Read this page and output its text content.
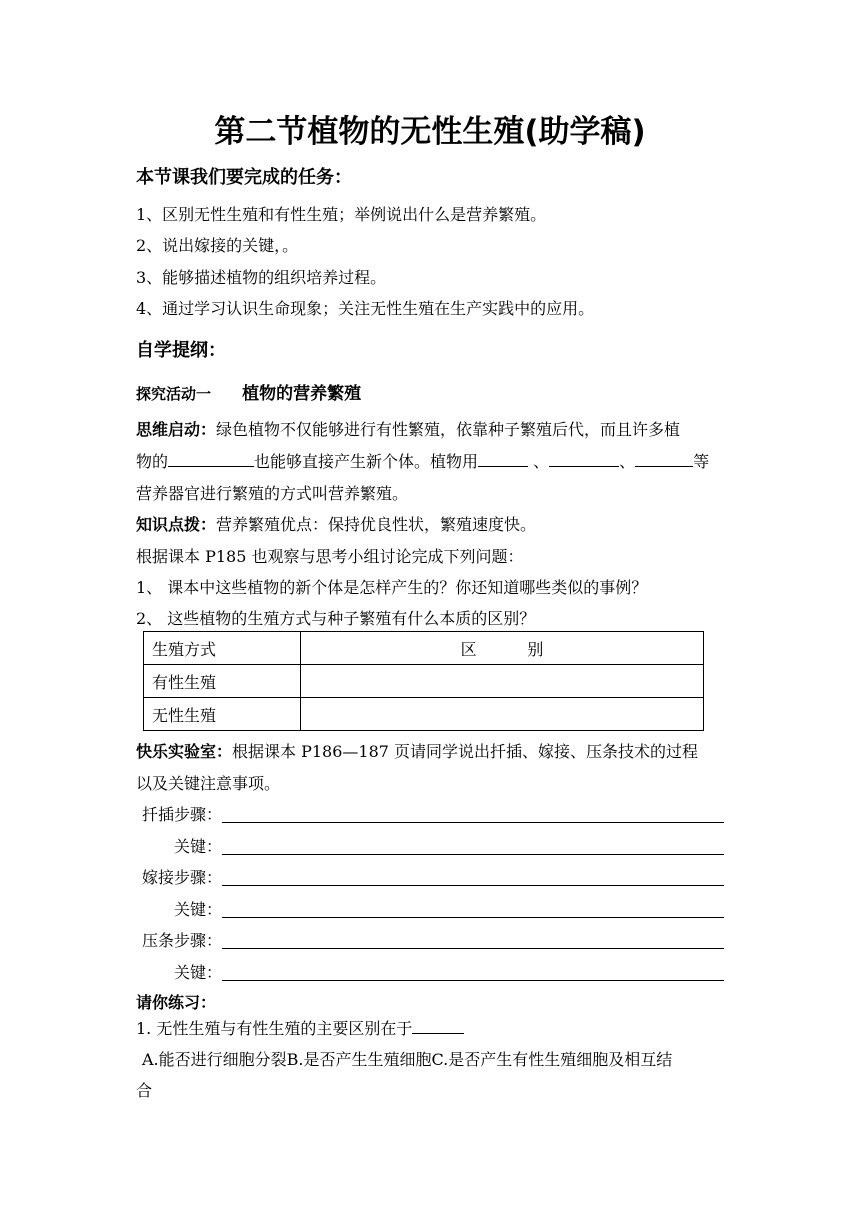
第二节植物的无性生殖(助学稿)
本节课我们要完成的任务：
1、区别无性生殖和有性生殖；举例说出什么是营养繁殖。
2、说出嫁接的关键，。
3、能够描述植物的组织培养过程。
4、通过学习认识生命现象；关注无性生殖在生产实践中的应用。
自学提纲：
探究活动一 植物的营养繁殖
思维启动：绿色植物不仅能够进行有性繁殖，依靠种子繁殖后代，而且许多植
物的	也能够直接产生新个体。植物用	、	、	等
营养器官进行繁殖的方式叫营养繁殖。
知识点拨：营养繁殖优点：保持优良性状，繁殖速度快。
根据课本 P185 也观察与思考小组讨论完成下列问题：
1、 课本中这些植物的新个体是怎样产生的？你还知道哪些类似的事例？
2、 这些植物的生殖方式与种子繁殖有什么本质的区别？
生殖方式	区          别
有性生殖	
无性生殖	
快乐实验室：根据课本 P186—187 页请同学说出扦插、嫁接、压条技术的过程
以及关键注意事项。
扦插步骤：
关键：
嫁接步骤：
关键：
压条步骤：
关键：
请你练习：
1. 无性生殖与有性生殖的主要区别在于
A.能否进行细胞分裂B.是否产生生殖细胞C.是否产生有性生殖细胞及相互结
合
